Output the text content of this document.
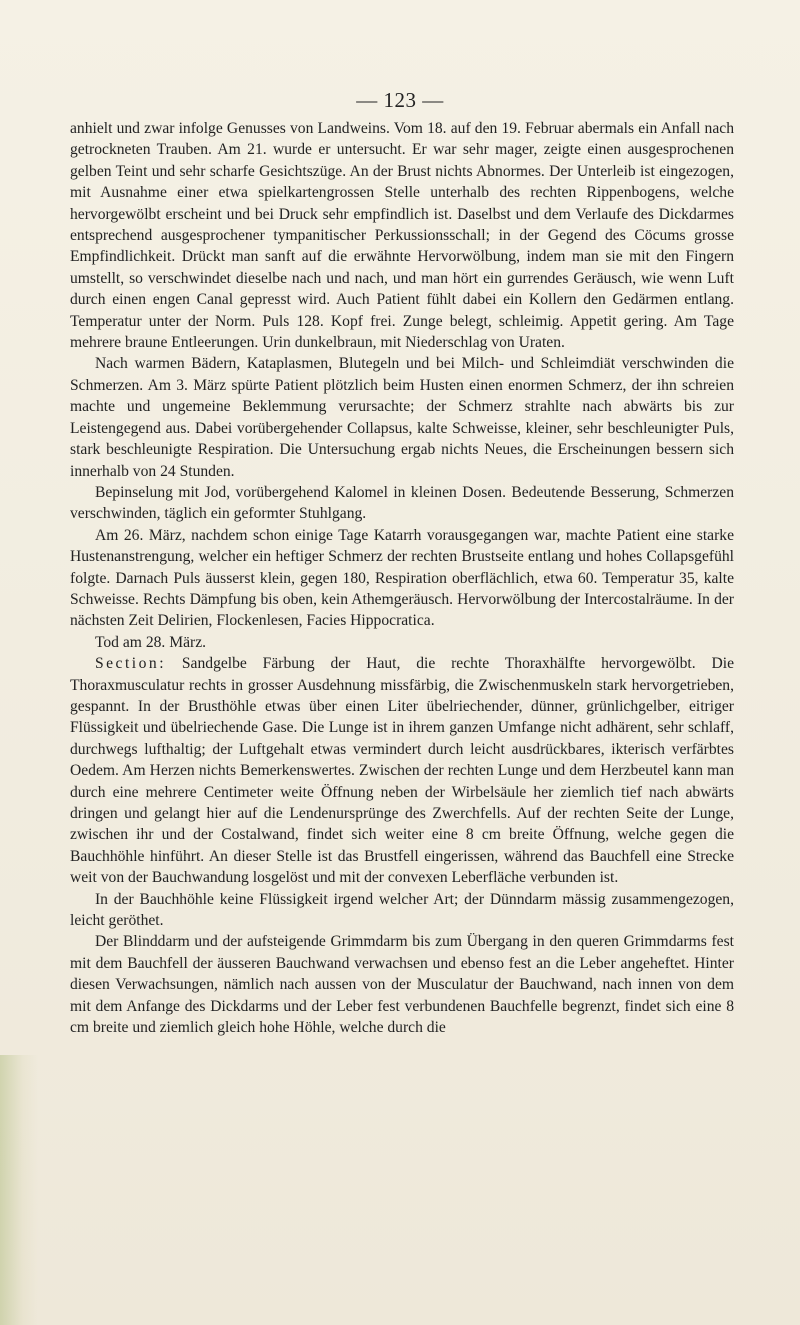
— 123 —

anhielt und zwar infolge Genusses von Landweins. Vom 18. auf den 19. Februar abermals ein Anfall nach getrockneten Trauben. Am 21. wurde er untersucht. Er war sehr mager, zeigte einen ausgesprochenen gelben Teint und sehr scharfe Gesichtszüge. An der Brust nichts Abnormes. Der Unterleib ist eingezogen, mit Ausnahme einer etwa spielkartengrossen Stelle unterhalb des rechten Rippenbogens, welche hervorgewölbt erscheint und bei Druck sehr empfindlich ist. Daselbst und dem Verlaufe des Dickdarmes entsprechend ausgesprochener tympanitischer Perkussionsschall; in der Gegend des Cöcums grosse Empfindlichkeit. Drückt man sanft auf die erwähnte Hervorwölbung, indem man sie mit den Fingern umstellt, so verschwindet dieselbe nach und nach, und man hört ein gurrendes Geräusch, wie wenn Luft durch einen engen Canal gepresst wird. Auch Patient fühlt dabei ein Kollern den Gedärmen entlang. Temperatur unter der Norm. Puls 128. Kopf frei. Zunge belegt, schleimig. Appetit gering. Am Tage mehrere braune Entleerungen. Urin dunkelbraun, mit Niederschlag von Uraten.

Nach warmen Bädern, Kataplasmen, Blutegeln und bei Milch- und Schleimdiät verschwinden die Schmerzen. Am 3. März spürte Patient plötzlich beim Husten einen enormen Schmerz, der ihn schreien machte und ungemeine Beklemmung verursachte; der Schmerz strahlte nach abwärts bis zur Leistengegend aus. Dabei vorübergehender Collapsus, kalte Schweisse, kleiner, sehr beschleunigter Puls, stark beschleunigte Respiration. Die Untersuchung ergab nichts Neues, die Erscheinungen bessern sich innerhalb von 24 Stunden.

Bepinselung mit Jod, vorübergehend Kalomel in kleinen Dosen. Bedeutende Besserung, Schmerzen verschwinden, täglich ein geformter Stuhlgang.

Am 26. März, nachdem schon einige Tage Katarrh vorausgegangen war, machte Patient eine starke Hustenanstrengung, welcher ein heftiger Schmerz der rechten Brustseite entlang und hohes Collapsgefühl folgte. Darnach Puls äusserst klein, gegen 180, Respiration oberflächlich, etwa 60. Temperatur 35, kalte Schweisse. Rechts Dämpfung bis oben, kein Athemgeräusch. Hervorwölbung der Intercostalräume. In der nächsten Zeit Delirien, Flockenlesen, Facies Hippocratica.

Tod am 28. März.

Section: Sandgelbe Färbung der Haut, die rechte Thoraxhälfte hervorgewölbt. Die Thoraxmusculatur rechts in grosser Ausdehnung missfärbig, die Zwischenmuskeln stark hervorgetrieben, gespannt. In der Brusthöhle etwas über einen Liter übelriechender, dünner, grünlichgelber, eitriger Flüssigkeit und übelriechende Gase. Die Lunge ist in ihrem ganzen Umfange nicht adhärent, sehr schlaff, durchwegs lufthaltig; der Luftgehalt etwas vermindert durch leicht ausdrückbares, ikterisch verfärbtes Oedem. Am Herzen nichts Bemerkenswertes. Zwischen der rechten Lunge und dem Herzbeutel kann man durch eine mehrere Centimeter weite Öffnung neben der Wirbelsäule her ziemlich tief nach abwärts dringen und gelangt hier auf die Lendenursprünge des Zwerchfells. Auf der rechten Seite der Lunge, zwischen ihr und der Costalwand, findet sich weiter eine 8 cm breite Öffnung, welche gegen die Bauchhöhle hinführt. An dieser Stelle ist das Brustfell eingerissen, während das Bauchfell eine Strecke weit von der Bauchwandung losgelöst und mit der convexen Leberfläche verbunden ist.

In der Bauchhöhle keine Flüssigkeit irgend welcher Art; der Dünndarm mässig zusammengezogen, leicht geröthet.

Der Blinddarm und der aufsteigende Grimmdarm bis zum Übergang in den queren Grimmdarms fest mit dem Bauchfell der äusseren Bauchwand verwachsen und ebenso fest an die Leber angeheftet. Hinter diesen Verwachsungen, nämlich nach aussen von der Musculatur der Bauchwand, nach innen von dem mit dem Anfange des Dickdarms und der Leber fest verbundenen Bauchfelle begrenzt, findet sich eine 8 cm breite und ziemlich gleich hohe Höhle, welche durch die
